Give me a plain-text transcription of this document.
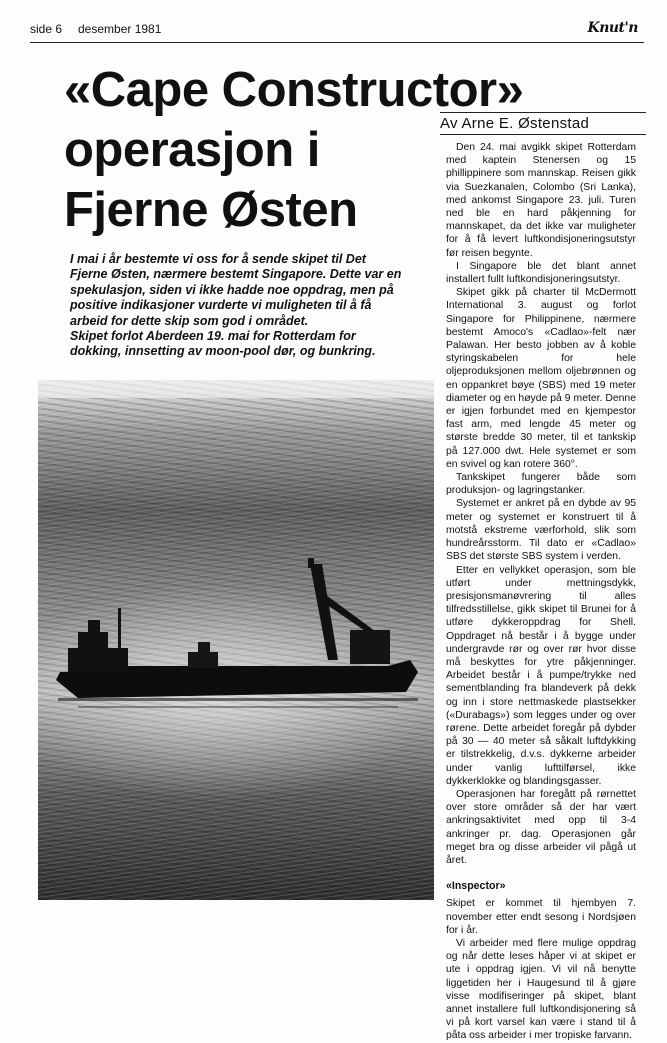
side 6 desember 1981	Knut'n
«Cape Constructor»
operasjon i
Fjerne Østen
Av Arne E. Østenstad

I mai i år bestemte vi oss for å sende skipet til Det Fjerne Østen, nærmere bestemt Singapore. Dette var en spekulasjon, siden vi ikke hadde noe oppdrag, men på positive indikasjoner vurderte vi muligheten til å få arbeid for dette skip som god i området.

Skipet forlot Aberdeen 19. mai for Rotterdam for dokking, innsetting av moon-pool dør, og bunkring.

Den 24. mai avgikk skipet Rotterdam med kaptein Stenersen og 15 phillippinere som mannskap. Reisen gikk via Suezkanalen, Colombo (Sri Lanka), med ankomst Singapore 23. juli. Turen ned ble en hard påkjenning for mannskapet, da det ikke var muligheter for å få levert luftkondisjoneringsutstyr før reisen begynte.

I Singapore ble det blant annet installert fullt luftkondisjoneringsutstyr.

Skipet gikk på charter til McDermott International 3. august og forlot Singapore for Philippinene, nærmere bestemt Amoco's «Cadlao»-felt nær Palawan. Her besto jobben av å koble styringskabelen for hele oljeproduksjonen mellom oljebrønnen og en oppankret bøye (SBS) med 19 meter diameter og en høyde på 9 meter. Denne er igjen forbundet med en kjempestor fast arm, med lengde 45 meter og største bredde 30 meter, til et tankskip på 127.000 dwt. Hele systemet er som en svivel og kan rotere 360°.

Tankskipet fungerer både som produksjon- og lagringstanker.

Systemet er ankret på en dybde av 95 meter og systemet er konstruert til å motstå ekstreme værforhold, slik som hundreårsstorm. Til dato er «Cadlao» SBS det største SBS system i verden.

Etter en vellykket operasjon, som ble utført under mettningsdykk, presisjonsmanøvrering til alles tilfredsstillelse, gikk skipet til Brunei for å utføre dykkeroppdrag for Shell. Oppdraget nå består i å bygge under undergravde rør og over rør hvor disse må beskyttes for ytre påkjenninger. Arbeidet består i å pumpe/trykke ned sementblanding fra blandeverk på dekk og inn i store nettmaskede plastsekker («Durabags») som legges under og over rørene. Dette arbeidet foregår på dybder på 30 — 40 meter så såkalt luftdykking er tilstrekkelig, d.v.s. dykkerne arbeider under vanlig lufttilførsel, ikke dykkerklokke og blandingsgasser.

Operasjonen har foregått på rørnettet over store områder så der har vært ankringsaktivitet med opp til 3-4 ankringer pr. dag. Operasjonen går meget bra og disse arbeider vil pågå ut året.

«Inspector»

Skipet er kommet til hjembyen 7. november etter endt sesong i Nordsjøen for i år.

Vi arbeider med flere mulige oppdrag og når dette leses håper vi at skipet er ute i oppdrag igjen. Vi vil nå benytte liggetiden her i Haugesund til å gjøre visse modifiseringer på skipet, blant annet installere full luftkondisjonering så vi på kort varsel kan være i stand til å påta oss arbeider i mer tropiske farvann.
